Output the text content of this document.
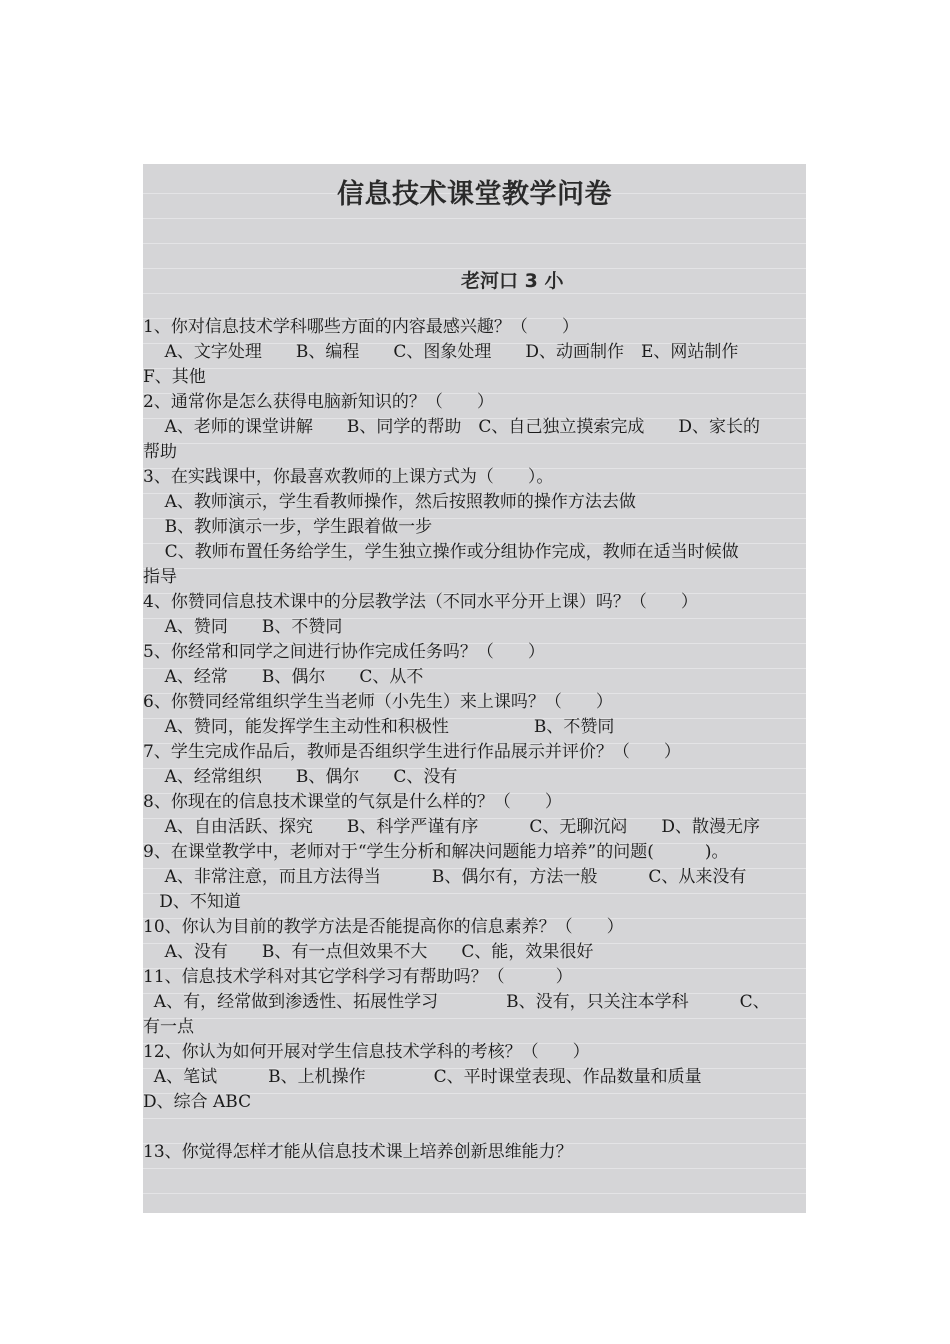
信息技术课堂教学问卷
老河口 3 小
1、你对信息技术学科哪些方面的内容最感兴趣？（　　）
A、文字处理　　B、编程　　C、图象处理　　D、动画制作　E、网站制作
F、其他
2、通常你是怎么获得电脑新知识的？（　　）
A、老师的课堂讲解　　B、同学的帮助　C、自己独立摸索完成　　D、家长的
帮助
3、在实践课中，你最喜欢教师的上课方式为（　　）。
A、教师演示，学生看教师操作，然后按照教师的操作方法去做
B、教师演示一步，学生跟着做一步
C、教师布置任务给学生，学生独立操作或分组协作完成，教师在适当时候做
指导
4、你赞同信息技术课中的分层教学法（不同水平分开上课）吗？（　　）
A、赞同　　B、不赞同
5、你经常和同学之间进行协作完成任务吗？（　　）
A、经常　　B、偶尔　　C、从不
6、你赞同经常组织学生当老师（小先生）来上课吗？（　　）
A、赞同，能发挥学生主动性和积极性　　　　　B、不赞同
7、学生完成作品后，教师是否组织学生进行作品展示并评价？（　　）
A、经常组织　　B、偶尔　　C、没有
8、你现在的信息技术课堂的气氛是什么样的？（　　）
A、自由活跃、探究　　B、科学严谨有序　　　C、无聊沉闷　　D、散漫无序
9、在课堂教学中，老师对于“学生分析和解决问题能力培养”的问题(　　　)。
A、非常注意，而且方法得当　　　B、偶尔有，方法一般　　　C、从来没有
D、不知道
10、你认为目前的教学方法是否能提高你的信息素养？（　　）
A、没有　　B、有一点但效果不大　　C、能，效果很好
11、信息技术学科对其它学科学习有帮助吗？（　　　）
A、有，经常做到渗透性、拓展性学习　　　　B、没有，只关注本学科　　　C、
有一点
12、你认为如何开展对学生信息技术学科的考核？（　　）
A、笔试　　　B、上机操作　　　　C、平时课堂表现、作品数量和质量
D、综合 ABC
13、你觉得怎样才能从信息技术课上培养创新思维能力？
